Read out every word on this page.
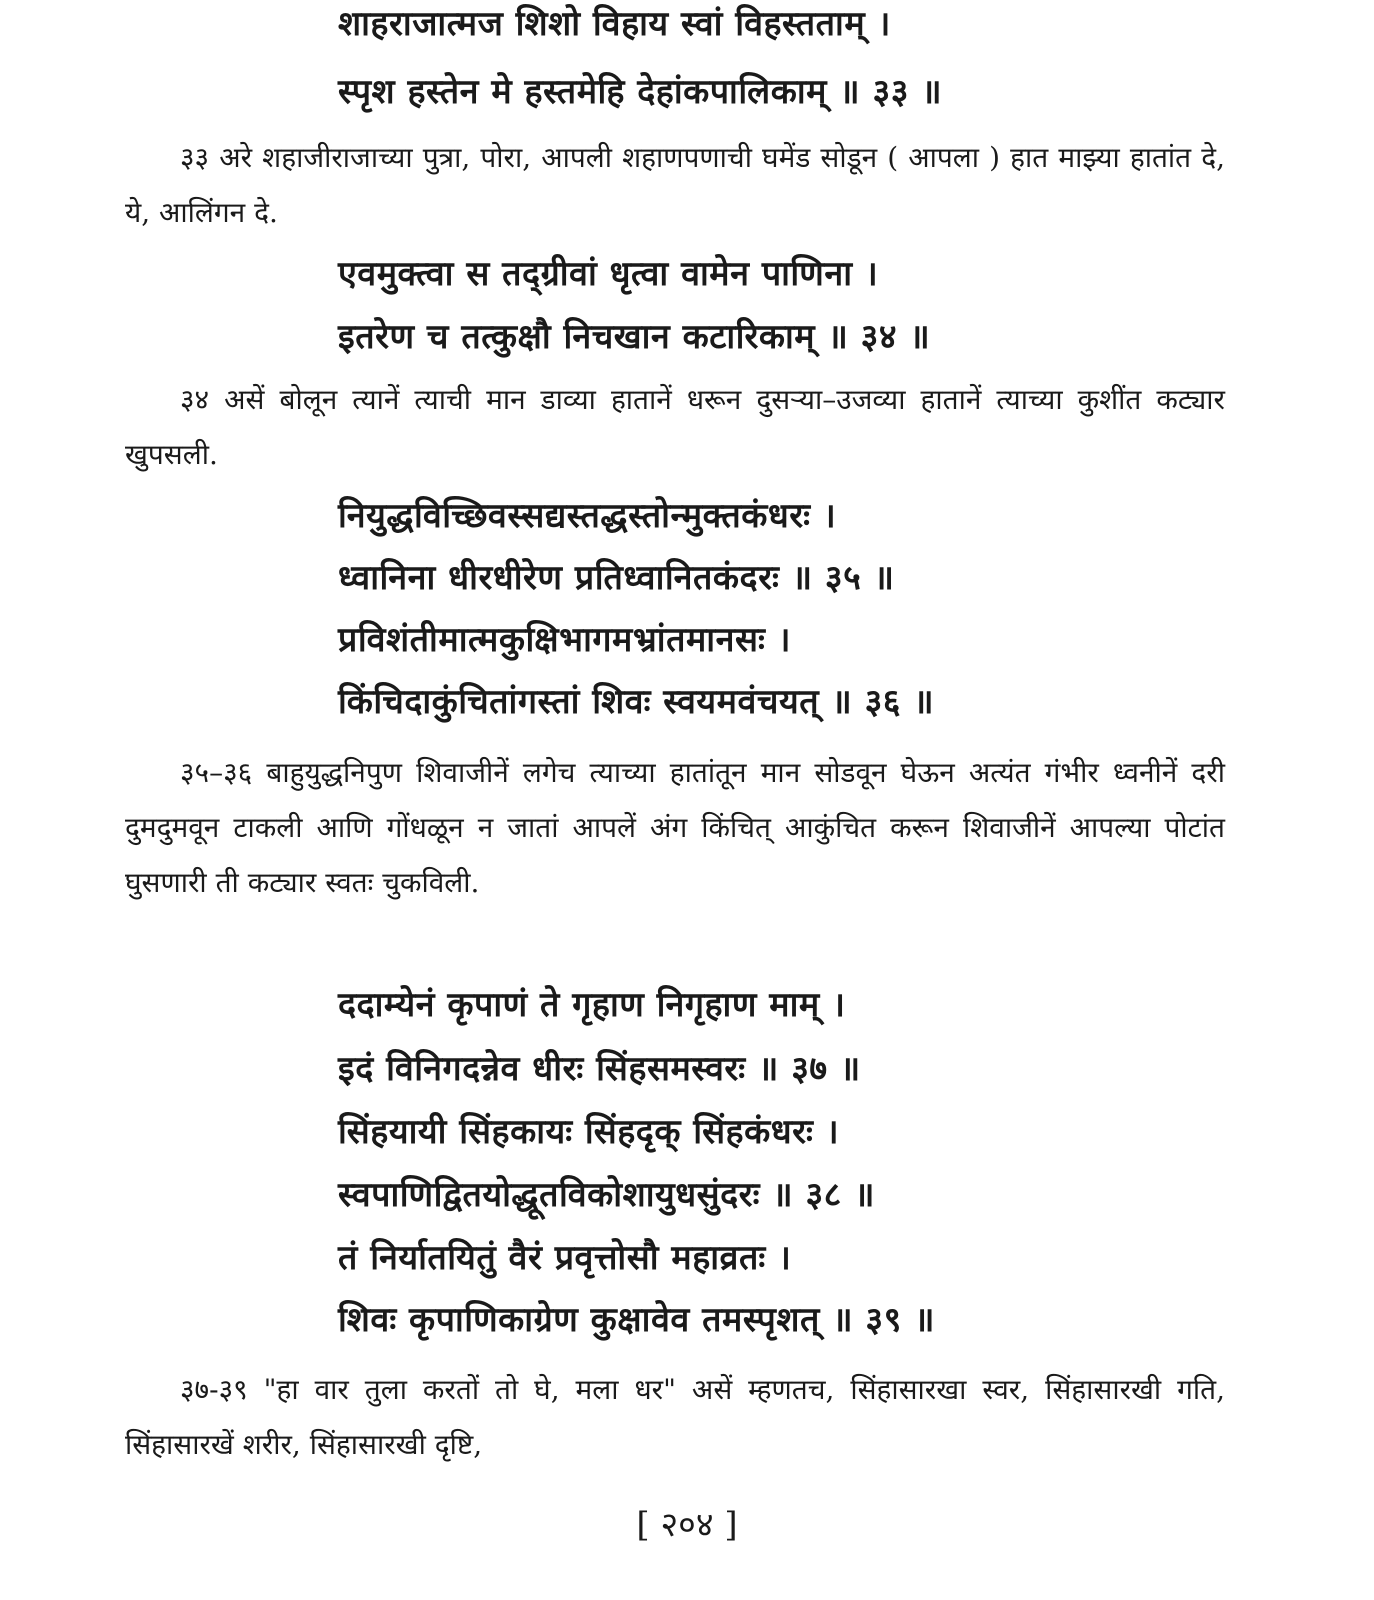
शाहराजात्मज शिशो विहाय स्वां विहस्तताम् ।
स्पृश हस्तेन मे हस्तमेहि देहांकपालिकाम् ॥ ३३ ॥

३३ अरे शहाजीराजाच्या पुत्रा, पोरा, आपली शहाणपणाची घमेंड सोडून ( आपला ) हात माझ्या हातांत दे, ये, आलिंगन दे.

एवमुक्त्वा स तद्ग्रीवां धृत्वा वामेन पाणिना ।
इतरेण च तत्कुक्षौ निचखान कटारिकाम् ॥ ३४ ॥

३४ असें बोलून त्यानें त्याची मान डाव्या हातानें धरून दुसऱ्या–उजव्या हातानें त्याच्या कुशींत कट्यार खुपसली.

नियुद्धविच्छिवस्सद्यस्तद्धस्तोन्मुक्तकंधरः ।
ध्वानिना धीरधीरेण प्रतिध्वानितकंदरः ॥ ३५ ॥
प्रविशंतीमात्मकुक्षिभागमभ्रांतमानसः ।
किंचिदाकुंचितांगस्तां शिवः स्वयमवंचयत् ॥ ३६ ॥

३५–३६ बाहुयुद्धनिपुण शिवाजीनें लगेच त्याच्या हातांतून मान सोडवून घेऊन अत्यंत गंभीर ध्वनीनें दरी दुमदुमवून टाकली आणि गोंधळून न जातां आपलें अंग किंचित् आकुंचित करून शिवाजीनें आपल्या पोटांत घुसणारी ती कट्यार स्वतः चुकविली.

ददाम्येनं कृपाणं ते गृहाण निगृहाण माम् ।
इदं विनिगदन्नेव धीरः सिंहसमस्वरः ॥ ३७ ॥
सिंहयायी सिंहकायः सिंहदृक् सिंहकंधरः ।
स्वपाणिद्वितयोद्धूतविकोशायुधसुंदरः ॥ ३८ ॥
तं निर्यातयितुं वैरं प्रवृत्तोसौ महाव्रतः ।
शिवः कृपाणिकाग्रेण कुक्षावेव तमस्पृशत् ॥ ३९ ॥

३७-३९ "हा वार तुला करतों तो घे, मला धर" असें म्हणतच, सिंहासारखा स्वर, सिंहासारखी गति, सिंहासारखें शरीर, सिंहासारखी दृष्टि,

[ २०४ ]
